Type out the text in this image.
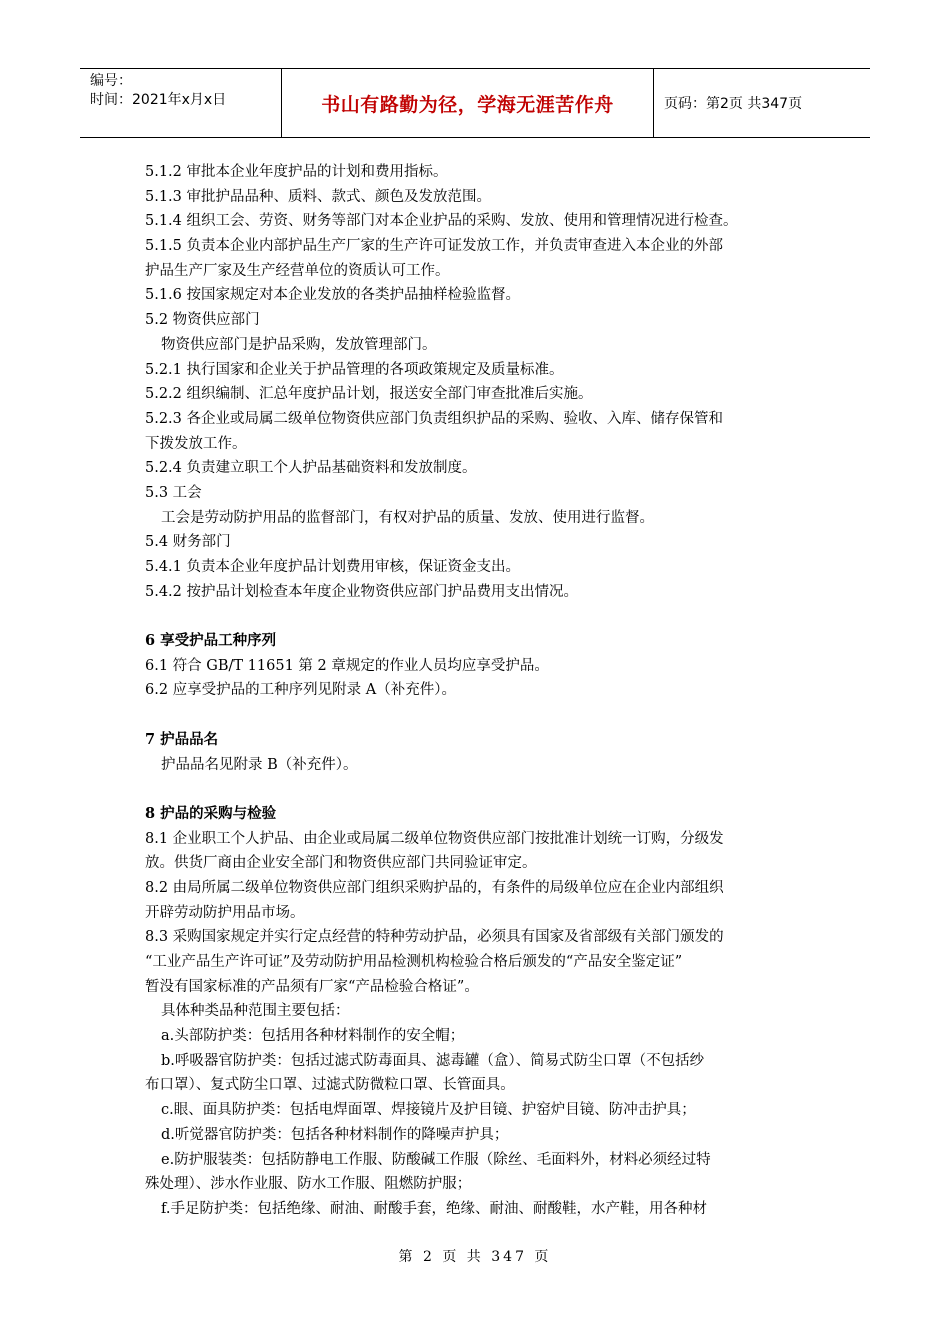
编号：
时间：2021年x月x日	书山有路勤为径，学海无涯苦作舟	页码：第2页 共347页
5.1.2 审批本企业年度护品的计划和费用指标。
5.1.3 审批护品品种、质料、款式、颜色及发放范围。
5.1.4 组织工会、劳资、财务等部门对本企业护品的采购、发放、使用和管理情况进行检查。
5.1.5 负责本企业内部护品生产厂家的生产许可证发放工作，并负责审查进入本企业的外部
护品生产厂家及生产经营单位的资质认可工作。
5.1.6 按国家规定对本企业发放的各类护品抽样检验监督。
5.2 物资供应部门
物资供应部门是护品采购，发放管理部门。
5.2.1 执行国家和企业关于护品管理的各项政策规定及质量标准。
5.2.2 组织编制、汇总年度护品计划，报送安全部门审查批准后实施。
5.2.3 各企业或局属二级单位物资供应部门负责组织护品的采购、验收、入库、储存保管和
下拨发放工作。
5.2.4 负责建立职工个人护品基础资料和发放制度。
5.3 工会
工会是劳动防护用品的监督部门，有权对护品的质量、发放、使用进行监督。
5.4 财务部门
5.4.1 负责本企业年度护品计划费用审核，保证资金支出。
5.4.2 按护品计划检查本年度企业物资供应部门护品费用支出情况。
6 享受护品工种序列
6.1 符合 GB/T 11651 第 2 章规定的作业人员均应享受护品。
6.2 应享受护品的工种序列见附录 A（补充件）。
7 护品品名
护品品名见附录 B（补充件）。
8 护品的采购与检验
8.1 企业职工个人护品、由企业或局属二级单位物资供应部门按批准计划统一订购，分级发
放。供货厂商由企业安全部门和物资供应部门共同验证审定。
8.2 由局所属二级单位物资供应部门组织采购护品的，有条件的局级单位应在企业内部组织
开辟劳动防护用品市场。
8.3 采购国家规定并实行定点经营的特种劳动护品，必须具有国家及省部级有关部门颁发的
“工业产品生产许可证”及劳动防护用品检测机构检验合格后颁发的“产品安全鉴定证”
暂没有国家标准的产品须有厂家“产品检验合格证”。
具体种类品种范围主要包括：
a.头部防护类：包括用各种材料制作的安全帽；
b.呼吸器官防护类：包括过滤式防毒面具、滤毒罐（盒）、简易式防尘口罩（不包括纱
布口罩）、复式防尘口罩、过滤式防微粒口罩、长管面具。
c.眼、面具防护类：包括电焊面罩、焊接镜片及护目镜、护窑炉目镜、防冲击护具；
d.听觉器官防护类：包括各种材料制作的降噪声护具；
e.防护服装类：包括防静电工作服、防酸碱工作服（除丝、毛面料外，材料必须经过特
殊处理）、涉水作业服、防水工作服、阻燃防护服；
f.手足防护类：包括绝缘、耐油、耐酸手套，绝缘、耐油、耐酸鞋，水产鞋，用各种材
第 2 页 共 347 页
